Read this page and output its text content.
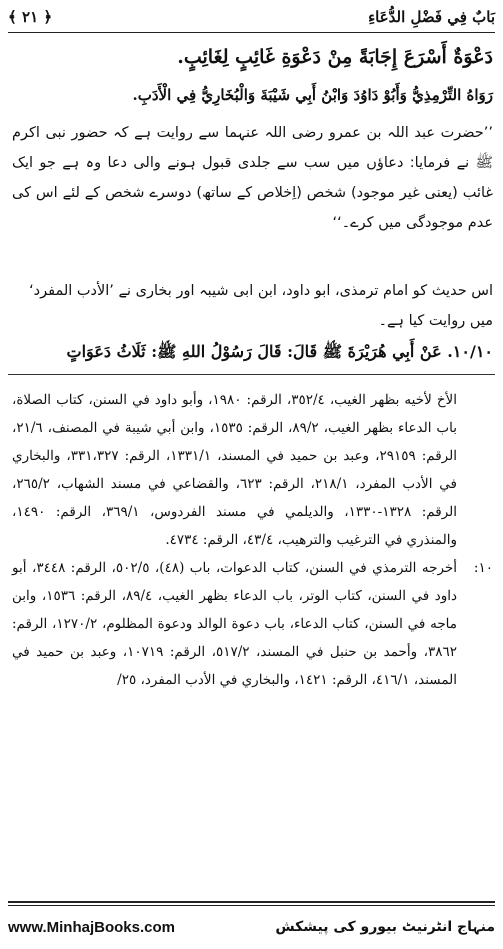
بَابٌ فِي فَضْلِ الدُّعَاءِ
﴿ ٢١ ﴾
دَعْوَةٌ أَسْرَعَ إِجَابَةً مِنْ دَعْوَةِ غَائِبٍ لِغَائِبٍ.
رَوَاهُ التِّرْمِذِيُّ وَأَبُوْ دَاوُدَ وَابْنُ أَبِي شَيْبَةَ وَالْبُخَارِيُّ فِي الْأَدَبِ.
’’حضرت عبد اللہ بن عمرو رضی اللہ عنہما سے روایت ہے کہ حضور نبی اکرم ﷺ نے فرمایا: دعاؤں میں سب سے جلدی قبول ہونے والی دعا وہ ہے جو ایک غائب (یعنی غیر موجود) شخص (اِخلاص کے ساتھ) دوسرے شخص کے لئے اس کی عدم موجودگی میں کرے۔‘‘
اس حدیث کو امام ترمذی، ابو داود، ابن ابی شیبہ اور بخاری نے ’الأدب المفرد‘ میں روایت کیا ہے۔
١٠/١٠. عَنْ أَبِي هُرَيْرَةَ ﷺ قَالَ: قَالَ رَسُوْلُ اللهِ ﷺ: ثَلَاثُ دَعَوَاتٍ
الأخ لأخيه بظهر الغيب، ٣٥٢/٤، الرقم: ١٩٨٠، وأبو داود في السنن، كتاب الصلاة، باب الدعاء بظهر الغيب، ٨٩/٢، الرقم: ١٥٣٥، وابن أبي شيبة في المصنف، ٢١/٦، الرقم: ٢٩١٥٩، وعبد بن حميد في المسند، ١٣٣١/١، الرقم: ٣٣١،٣٢٧، والبخاري في الأدب المفرد، ٢١٨/١، الرقم: ٦٢٣، والقضاعي في مسند الشهاب، ٢٦٥/٢، الرقم: ١٣٢٨-١٣٣٠، والديلمي في مسند الفردوس، ٣٦٩/١، الرقم: ١٤٩٠، والمنذري في الترغيب والترهيب، ٤٣/٤، الرقم: ٤٧٣٤.
١٠:
أخرجه الترمذي في السنن، كتاب الدعوات، باب (٤٨)، ٥٠٢/٥، الرقم: ٣٤٤٨، أبو داود في السنن، كتاب الوتر، باب الدعاء بظهر الغيب، ٨٩/٤، الرقم: ١٥٣٦، وابن ماجه في السنن، كتاب الدعاء، باب دعوة الوالد ودعوة المظلوم، ١٢٧٠/٢، الرقم: ٣٨٦٢، وأحمد بن حنبل في المسند، ٥١٧/٢، الرقم: ١٠٧١٩، وعبد بن حميد في المسند، ٤١٦/١، الرقم: ١٤٢١، والبخاري في الأدب المفرد، ٢٥/
www.MinhajBooks.com	منہاج انٹرنیٹ بیورو کی پیشکش
